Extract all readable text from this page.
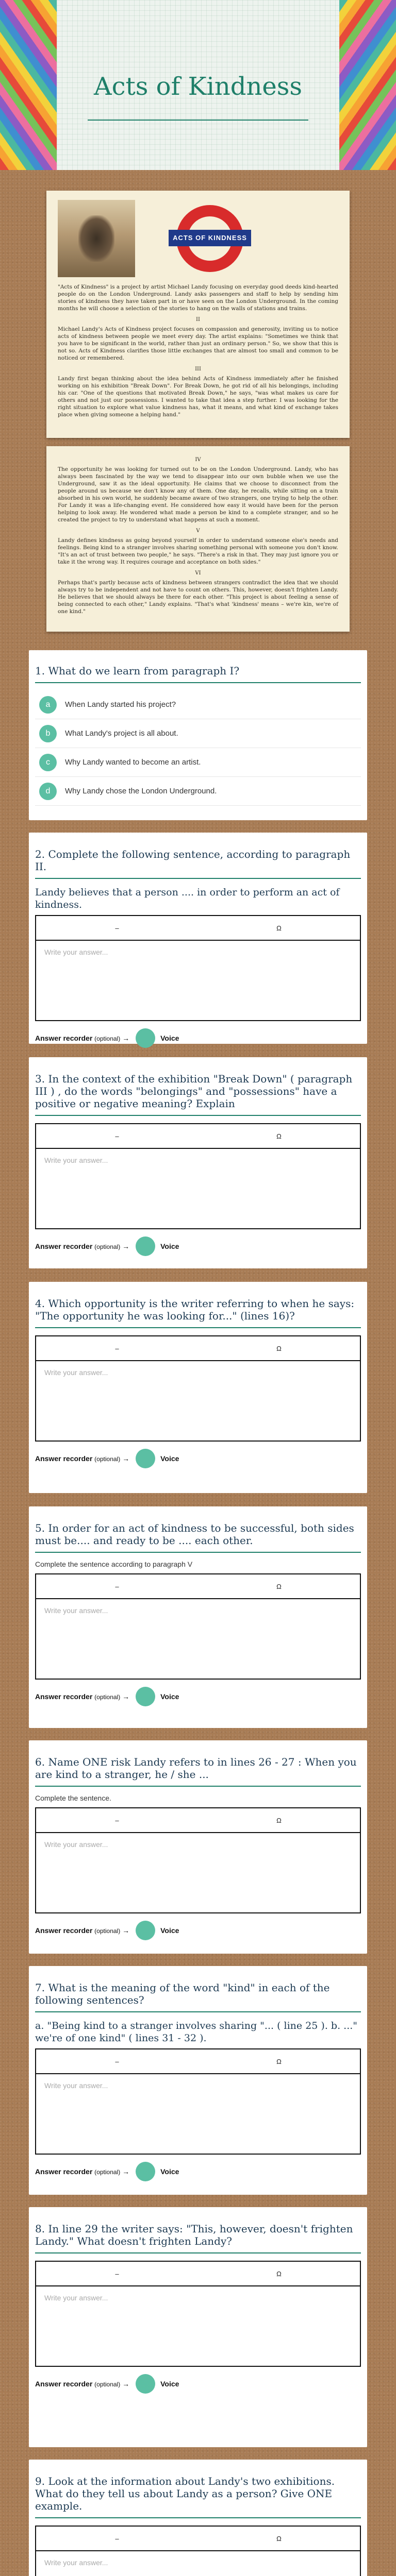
Acts of Kindness
ACTS OF KINDNESS

"Acts of Kindness" is a project by artist Michael Landy focusing on everyday good deeds kind-hearted people do on the London Underground. Landy asks passengers and staff to help by sending him stories of kindness they have taken part in or have seen on the London Underground. In the coming months he will choose a selection of the stories to hang on the walls of stations and trains.

II

Michael Landy's Acts of Kindness project focuses on compassion and generosity, inviting us to notice acts of kindness between people we meet every day. The artist explains: "Sometimes we think that you have to be significant in the world, rather than just an ordinary person." So, we show that this is not so. Acts of Kindness clarifies those little exchanges that are almost too small and common to be noticed or remembered.

III

Landy first began thinking about the idea behind Acts of Kindness immediately after he finished working on his exhibition "Break Down". For Break Down, he got rid of all his belongings, including his car. "One of the questions that motivated Break Down," he says, "was what makes us care for others and not just our possessions. I wanted to take that idea a step further. I was looking for the right situation to explore what value kindness has, what it means, and what kind of exchange takes place when giving someone a helping hand."

IV

The opportunity he was looking for turned out to be on the London Underground. Landy, who has always been fascinated by the way we tend to disappear into our own bubble when we use the Underground, saw it as the ideal opportunity. He claims that we choose to disconnect from the people around us because we don't know any of them. One day, he recalls, while sitting on a train absorbed in his own world, he suddenly became aware of two strangers, one trying to help the other. For Landy it was a life-changing event. He considered how easy it would have been for the person helping to look away. He wondered what made a person be kind to a complete stranger, and so he created the project to try to understand what happens at such a moment.

V

Landy defines kindness as going beyond yourself in order to understand someone else's needs and feelings. Being kind to a stranger involves sharing something personal with someone you don't know. "It's an act of trust between two people," he says. "There's a risk in that. They may just ignore you or take it the wrong way. It requires courage and acceptance on both sides."

VI

Perhaps that's partly because acts of kindness between strangers contradict the idea that we should always try to be independent and not have to count on others. This, however, doesn't frighten Landy. He believes that we should always be there for each other. "This project is about feeling a sense of being connected to each other," Landy explains. "That's what 'kindness' means – we're kin, we're of one kind."

1. What do we learn from paragraph I?
a	When Landy started his project?
b	What Landy's project is all about.
c	Why Landy wanted to become an artist.
d	Why Landy chose the London Underground.
2. Complete the following sentence, according to paragraph II.
Landy believes that a person .... in order to perform an act of kindness.
–	Ω
Write your answer...
Answer recorder (optional) →	Voice
3. In the context of the exhibition "Break Down" ( paragraph III ) , do the words "belongings" and "possessions" have a positive or negative meaning? Explain
–	Ω
Write your answer...
Answer recorder (optional) →	Voice
4. Which opportunity is the writer referring to when he says: "The opportunity he was looking for..." (lines 16)?
–	Ω
Write your answer...
Answer recorder (optional) →	Voice
5. In order for an act of kindness to be successful, both sides must be.... and ready to be .... each other.
Complete the sentence according to paragraph V
–	Ω
Write your answer...
Answer recorder (optional) →	Voice
6. Name ONE risk Landy refers to in lines 26 - 27 : When you are kind to a stranger, he / she ...
Complete the sentence.
–	Ω
Write your answer...
Answer recorder (optional) →	Voice
7. What is the meaning of the word "kind" in each of the following sentences?
a. "Being kind to a stranger involves sharing "... ( line 25 ). b. ..." we're of one kind" ( lines 31 - 32 ).
–	Ω
Write your answer...
Answer recorder (optional) →	Voice
8. In line 29 the writer says: "This, however, doesn't frighten Landy." What doesn't frighten Landy?
–	Ω
Write your answer...
Answer recorder (optional) →	Voice
9. Look at the information about Landy's two exhibitions. What do they tell us about Landy as a person? Give ONE example.
–	Ω
Write your answer...
